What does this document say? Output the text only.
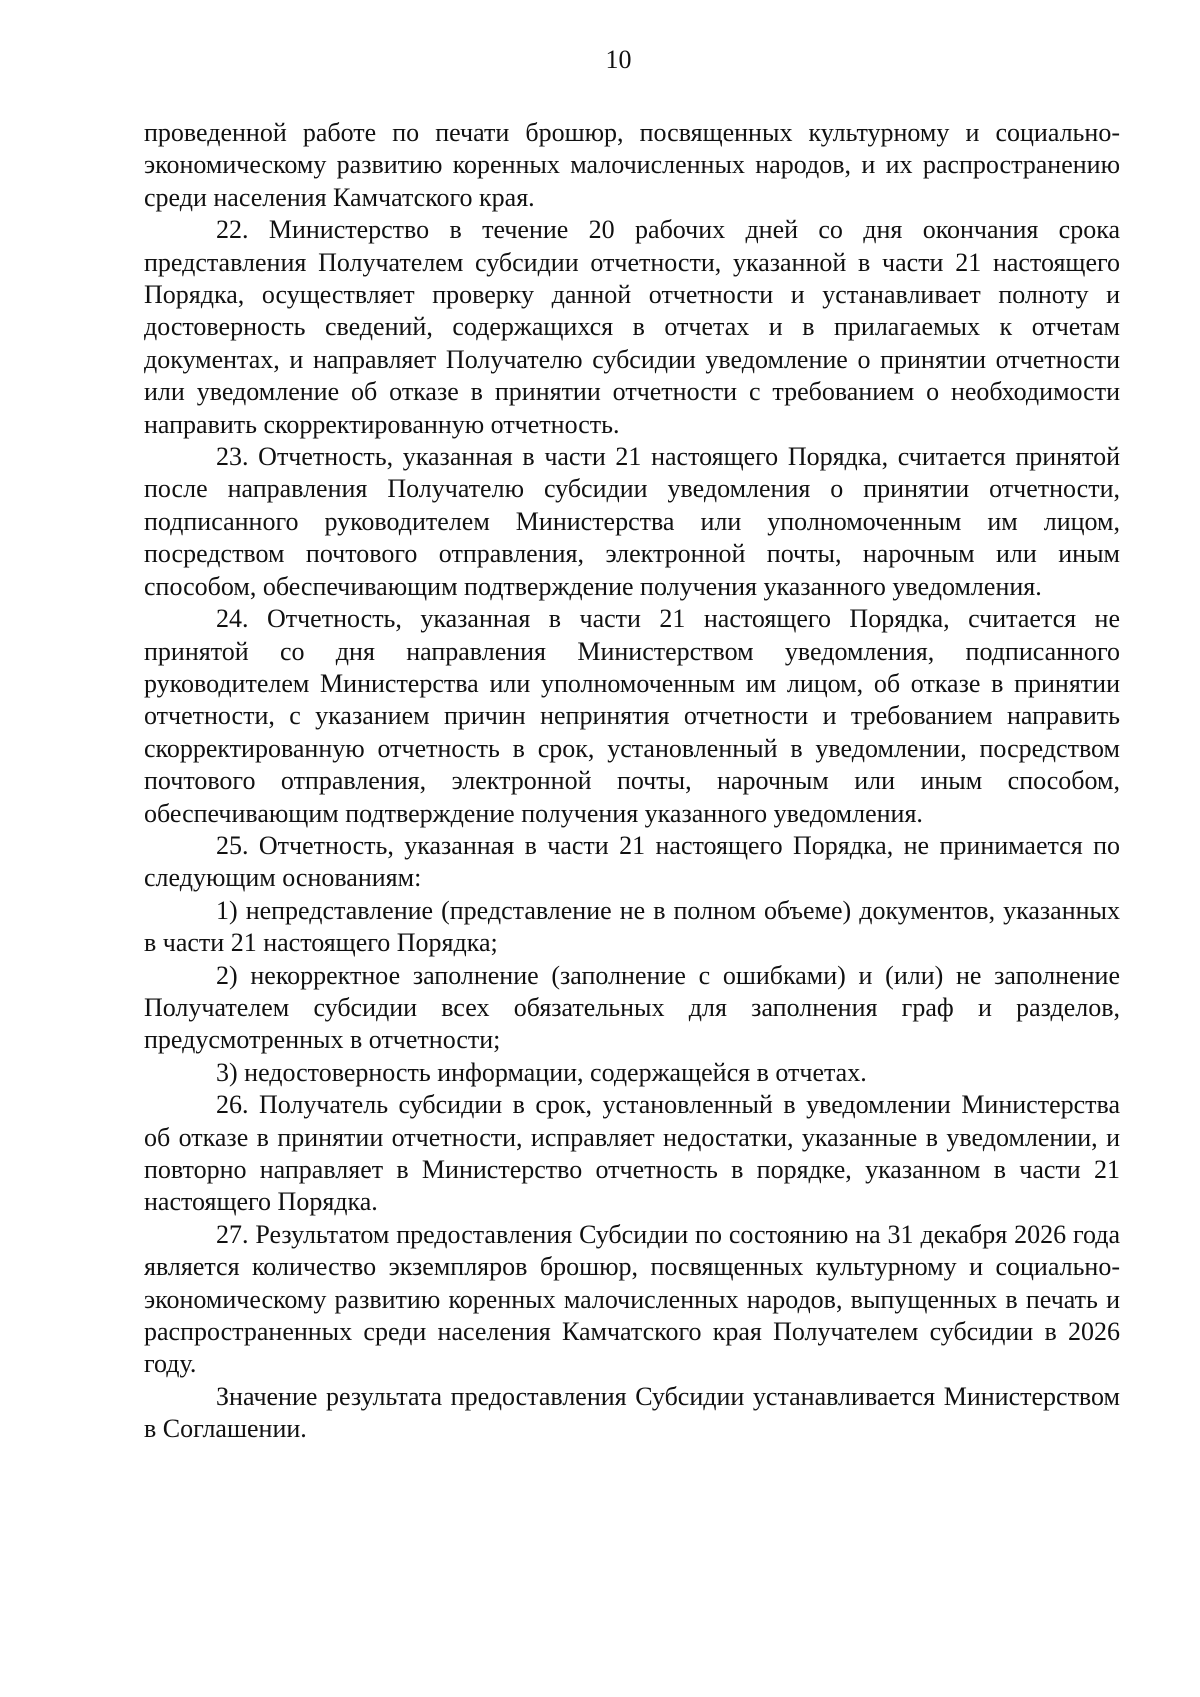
10

проведенной работе по печати брошюр, посвященных культурному и социально-экономическому развитию коренных малочисленных народов, и их распространению среди населения Камчатского края.

22. Министерство в течение 20 рабочих дней со дня окончания срока представления Получателем субсидии отчетности, указанной в части 21 настоящего Порядка, осуществляет проверку данной отчетности и устанавливает полноту и достоверность сведений, содержащихся в отчетах и в прилагаемых к отчетам документах, и направляет Получателю субсидии уведомление о принятии отчетности или уведомление об отказе в принятии отчетности с требованием о необходимости направить скорректированную отчетность.

23. Отчетность, указанная в части 21 настоящего Порядка, считается принятой после направления Получателю субсидии уведомления о принятии отчетности, подписанного руководителем Министерства или уполномоченным им лицом, посредством почтового отправления, электронной почты, нарочным или иным способом, обеспечивающим подтверждение получения указанного уведомления.

24. Отчетность, указанная в части 21 настоящего Порядка, считается не принятой со дня направления Министерством уведомления, подписанного руководителем Министерства или уполномоченным им лицом, об отказе в принятии отчетности, с указанием причин непринятия отчетности и требованием направить скорректированную отчетность в срок, установленный в уведомлении, посредством почтового отправления, электронной почты, нарочным или иным способом, обеспечивающим подтверждение получения указанного уведомления.

25. Отчетность, указанная в части 21 настоящего Порядка, не принимается по следующим основаниям:

1) непредставление (представление не в полном объеме) документов, указанных в части 21 настоящего Порядка;

2) некорректное заполнение (заполнение с ошибками) и (или) не заполнение Получателем субсидии всех обязательных для заполнения граф и разделов, предусмотренных в отчетности;

3) недостоверность информации, содержащейся в отчетах.

26. Получатель субсидии в срок, установленный в уведомлении Министерства об отказе в принятии отчетности, исправляет недостатки, указанные в уведомлении, и повторно направляет в Министерство отчетность в порядке, указанном в части 21 настоящего Порядка.

27. Результатом предоставления Субсидии по состоянию на 31 декабря 2026 года является количество экземпляров брошюр, посвященных культурному и социально-экономическому развитию коренных малочисленных народов, выпущенных в печать и распространенных среди населения Камчатского края Получателем субсидии в 2026 году.

Значение результата предоставления Субсидии устанавливается Министерством в Соглашении.
